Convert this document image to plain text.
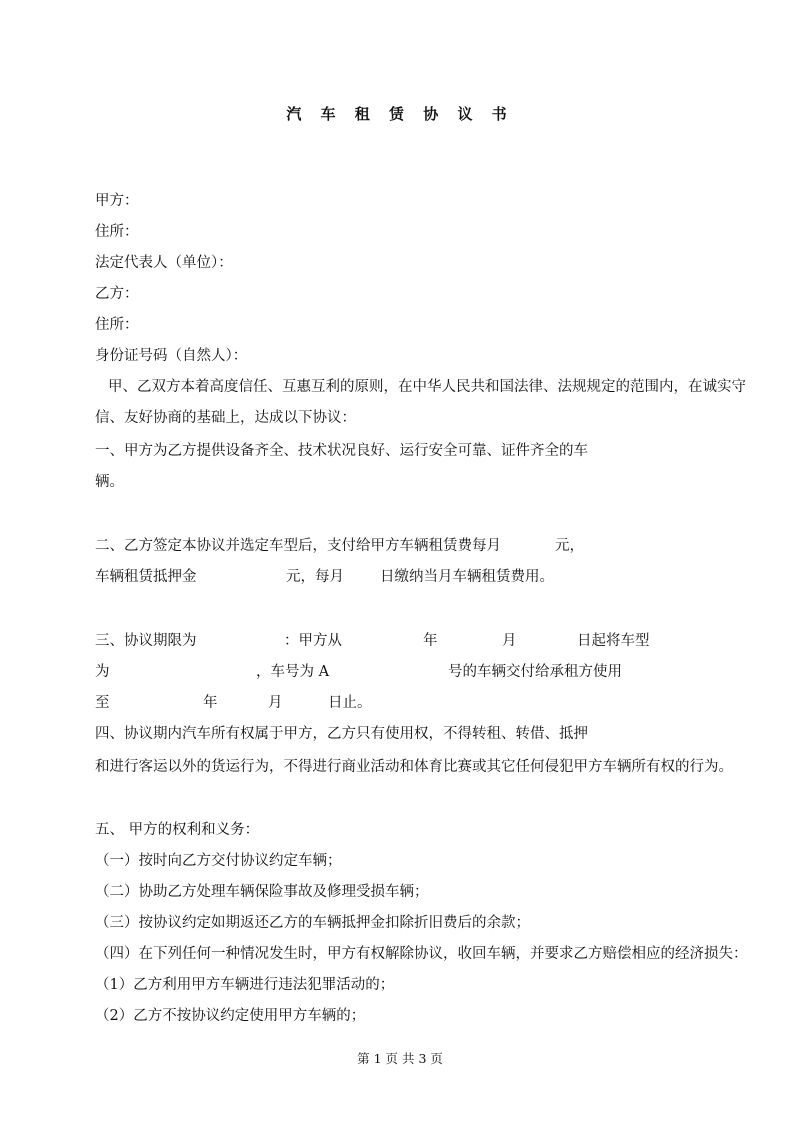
汽 车 租 赁 协 议 书
甲方：
住所：
法定代表人（单位）：
乙方：
住所：
身份证号码（自然人）：
甲、乙双方本着高度信任、互惠互利的原则，在中华人民共和国法律、法规规定的范围内，在诚实守
信、友好协商的基础上，达成以下协议：
一、甲方为乙方提供设备齐全、技术状况良好、运行安全可靠、证件齐全的车
辆。
二、乙方签定本协议并选定车型后，支付给甲方车辆租赁费每月	元，
车辆租赁抵押金	元，每月 日缴纳当月车辆租赁费用。
三、协议期限为	：甲方从	年	月	日起将车型
为	，车号为 A	号的车辆交付给承租方使用
至	年	月	日止。
四、协议期内汽车所有权属于甲方，乙方只有使用权，不得转租、转借、抵押
和进行客运以外的货运行为，不得进行商业活动和体育比赛或其它任何侵犯甲方车辆所有权的行为。
五、 甲方的权利和义务：
（一）按时向乙方交付协议约定车辆；
（二）协助乙方处理车辆保险事故及修理受损车辆；
（三）按协议约定如期返还乙方的车辆抵押金扣除折旧费后的余款；
（四）在下列任何一种情况发生时，甲方有权解除协议，收回车辆，并要求乙方赔偿相应的经济损失：
（1）乙方利用甲方车辆进行违法犯罪活动的；
（2）乙方不按协议约定使用甲方车辆的；
第 1 页 共 3 页
